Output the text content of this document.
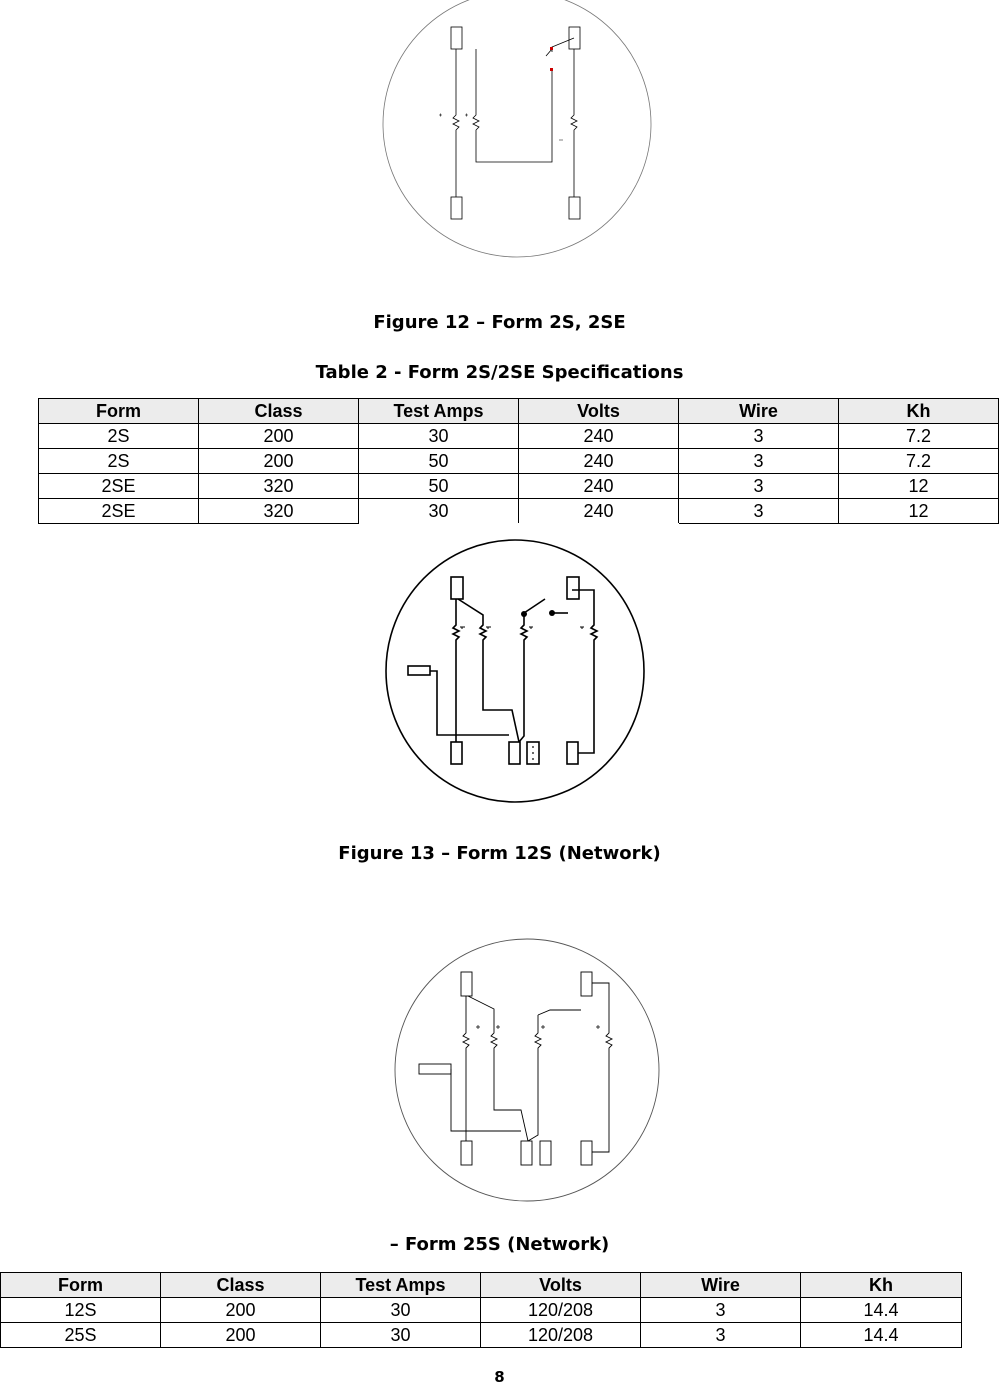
Figure 12 – Form 2S, 2SE
Table 2 - Form 2S/2SE Specifications
Form	Class	Test Amps	Volts	Wire	Kh
2S	200	30	240	3	7.2
2S	200	50	240	3	7.2
2SE	320	50	240	3	12
2SE	320	30	240	3	12
Figure 13 – Form 12S (Network)
– Form 25S (Network)
Form	Class	Test Amps	Volts	Wire	Kh
12S	200	30	120/208	3	14.4
25S	200	30	120/208	3	14.4
8
